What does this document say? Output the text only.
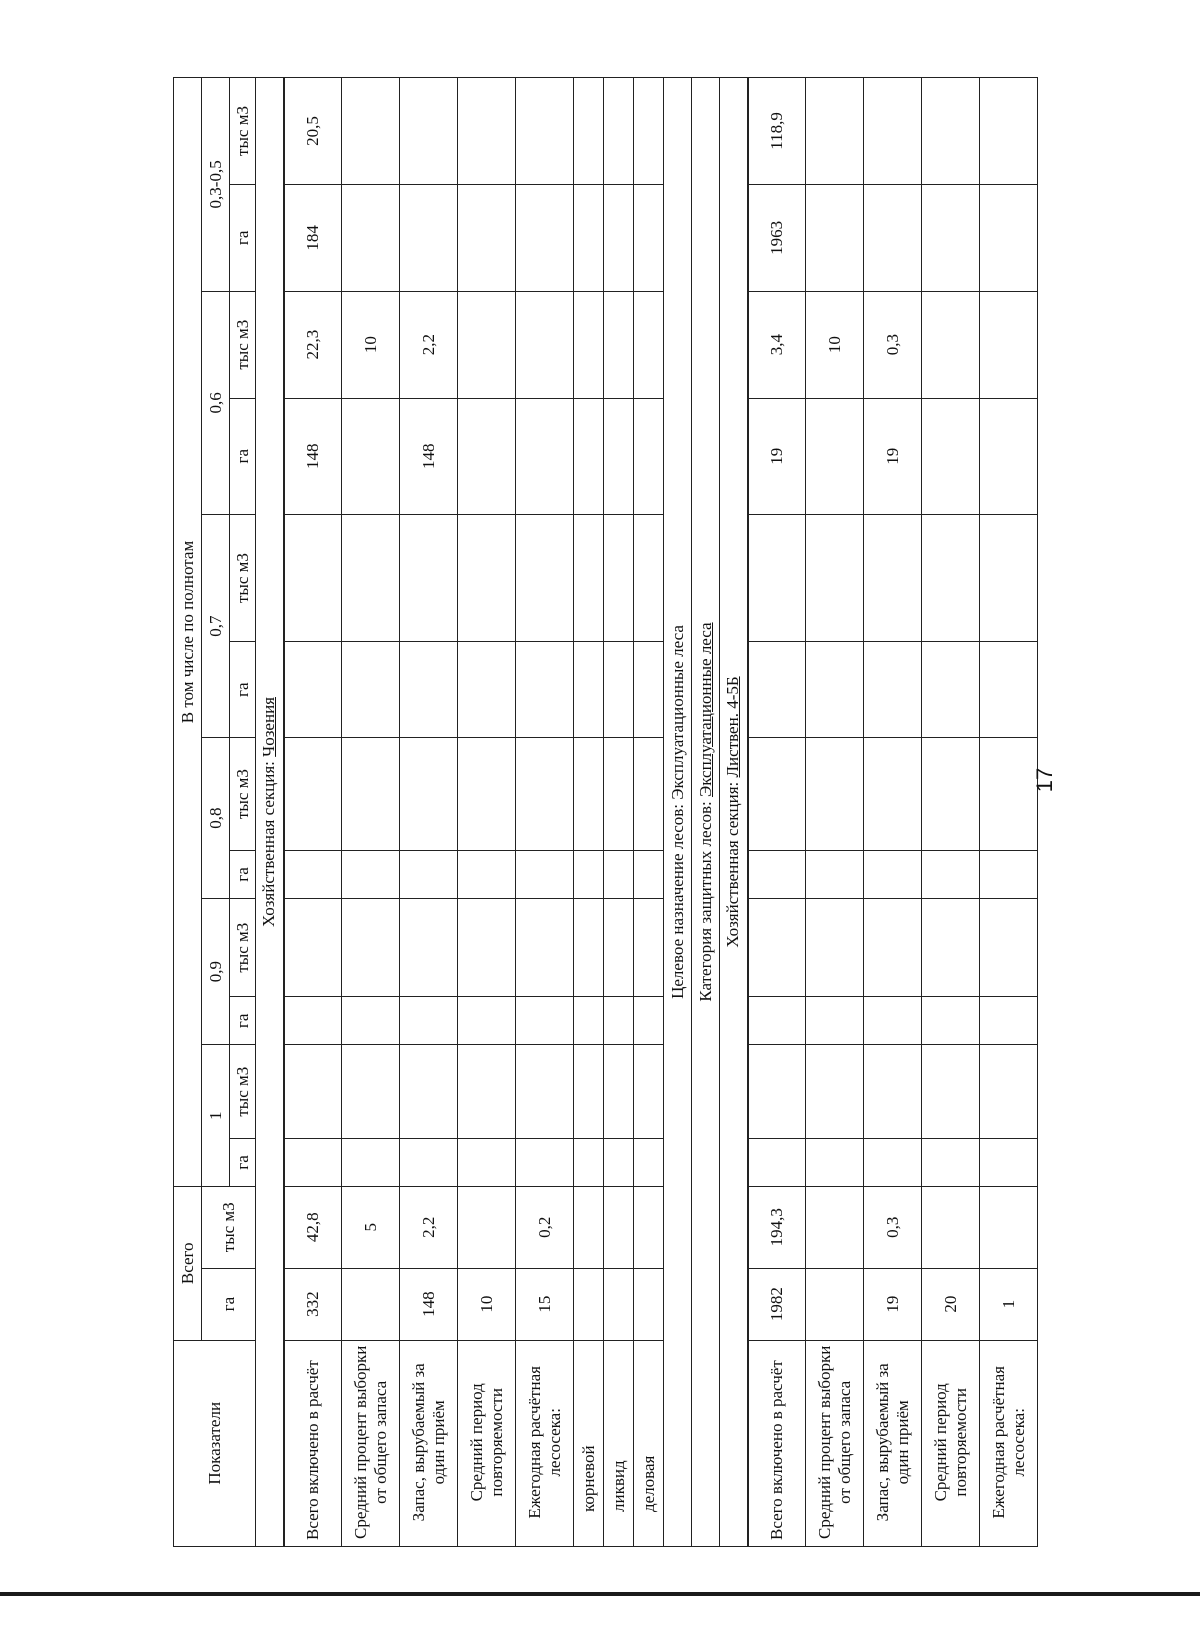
Показатели	Всего		В том числе по полнотам											
	га	тыс м3	1		0,9		0,8		0,7		0,6		0,3-0,5	
			га	тыс м3	га	тыс м3	га	тыс м3	га	тыс м3	га	тыс м3	га	тыс м3
Хозяйственная секция: Чозения														
Всего включено в расчёт	332	42,8									148	22,3	184	20,5
Средний процент выборки от общего запаса		5										10		
Запас, вырубаемый за один приём	148	2,2									148	2,2		
Средний период повторяемости	10													
Ежегодная расчётная лесосека:	15	0,2												
корневой														
ликвид														
деловая														
Целевое назначение лесов: Эксплуатационные леса														
Категория защитных лесов: Эксплуатационные леса														
Хозяйственная секция: Листвен. 4-5Б														
Всего включено в расчёт	1982	194,3									19	3,4	1963	118,9
Средний процент выборки от общего запаса												10		
Запас, вырубаемый за один приём	19	0,3									19	0,3		
Средний период повторяемости	20													
Ежегодная расчётная лесосека:	1													
17
